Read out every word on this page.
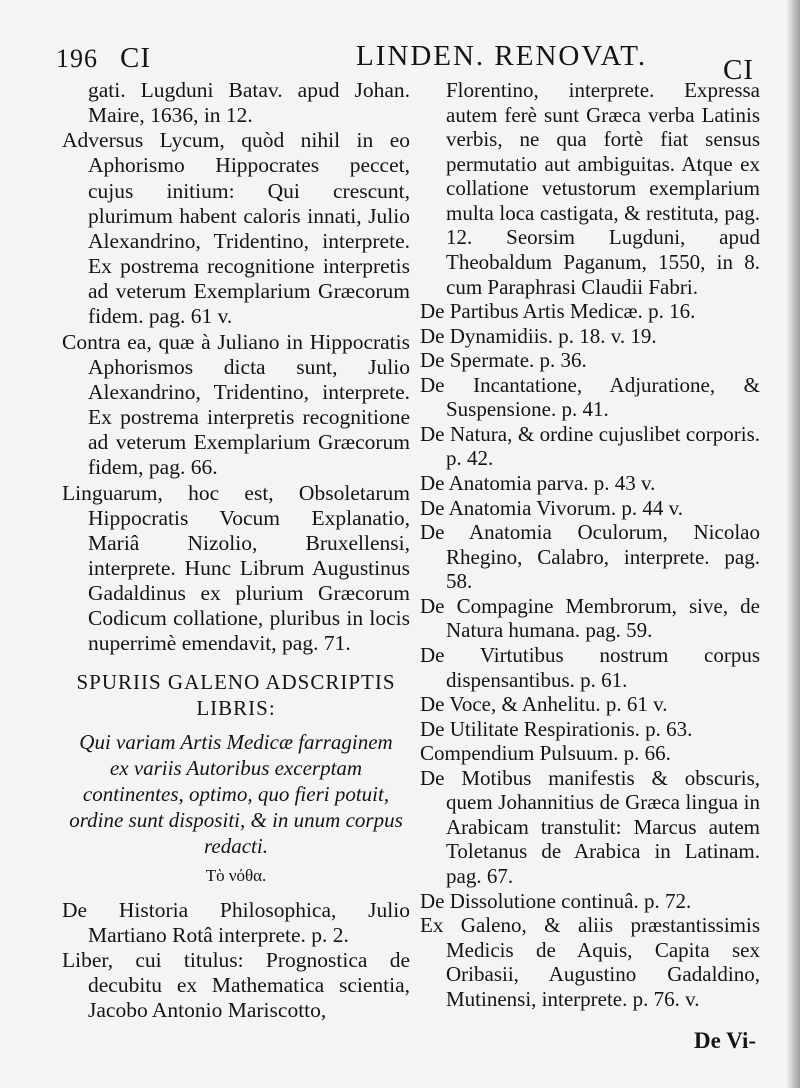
196 CI	LINDEN. RENOVAT.	CI

gati. Lugduni Batav. apud Johan. Maire, 1636, in 12.

Adversus Lycum, quòd nihil in eo Aphorismo Hippocrates peccet, cujus initium: Qui crescunt, plurimum habent caloris innati, Julio Alexandrino, Tridentino, interprete. Ex postrema recognitione interpretis ad veterum Exemplarium Græcorum fidem. pag. 61 v.

Contra ea, quæ à Juliano in Hippocratis Aphorismos dicta sunt, Julio Alexandrino, Tridentino, interprete. Ex postrema interpretis recognitione ad veterum Exemplarium Græcorum fidem, pag. 66.

Linguarum, hoc est, Obsoletarum Hippocratis Vocum Explanatio, Mariâ Nizolio, Bruxellensi, interprete. Hunc Librum Augustinus Gadaldinus ex plurium Græcorum Codicum collatione, pluribus in locis nuperrimè emendavit, pag. 71.

SPURIIS GALENO ADSCRIPTIS LIBRIS:
Qui variam Artis Medicæ farraginem ex variis Autoribus excerptam continentes, optimo, quo fieri potuit, ordine sunt dispositi, & in unum corpus redacti.
Τὸ νόθα.

De Historia Philosophica, Julio Martiano Rotâ interprete. p. 2.

Liber, cui titulus: Prognostica de decubitu ex Mathematica scientia, Jacobo Antonio Mariscotto,

Florentino, interprete. Expressa autem ferè sunt Græca verba Latinis verbis, ne qua fortè fiat sensus permutatio aut ambiguitas. Atque ex collatione vetustorum exemplarium multa loca castigata, & restituta, pag. 12. Seorsim Lugduni, apud Theobaldum Paganum, 1550, in 8. cum Paraphrasi Claudii Fabri.

De Partibus Artis Medicæ. p. 16.

De Dynamidiis. p. 18. v. 19.

De Spermate. p. 36.

De Incantatione, Adjuratione, & Suspensione. p. 41.

De Natura, & ordine cujuslibet corporis. p. 42.

De Anatomia parva. p. 43 v.

De Anatomia Vivorum. p. 44 v.

De Anatomia Oculorum, Nicolao Rhegino, Calabro, interprete. pag. 58.

De Compagine Membrorum, sive, de Natura humana. pag. 59.

De Virtutibus nostrum corpus dispensantibus. p. 61.

De Voce, & Anhelitu. p. 61 v.

De Utilitate Respirationis. p. 63.

Compendium Pulsuum. p. 66.

De Motibus manifestis & obscuris, quem Johannitius de Græca lingua in Arabicam transtulit: Marcus autem Toletanus de Arabica in Latinam. pag. 67.

De Dissolutione continuâ. p. 72.

Ex Galeno, & aliis præstantissimis Medicis de Aquis, Capita sex Oribasii, Augustino Gadaldino, Mutinensi, interprete. p. 76. v.

De Vi-
